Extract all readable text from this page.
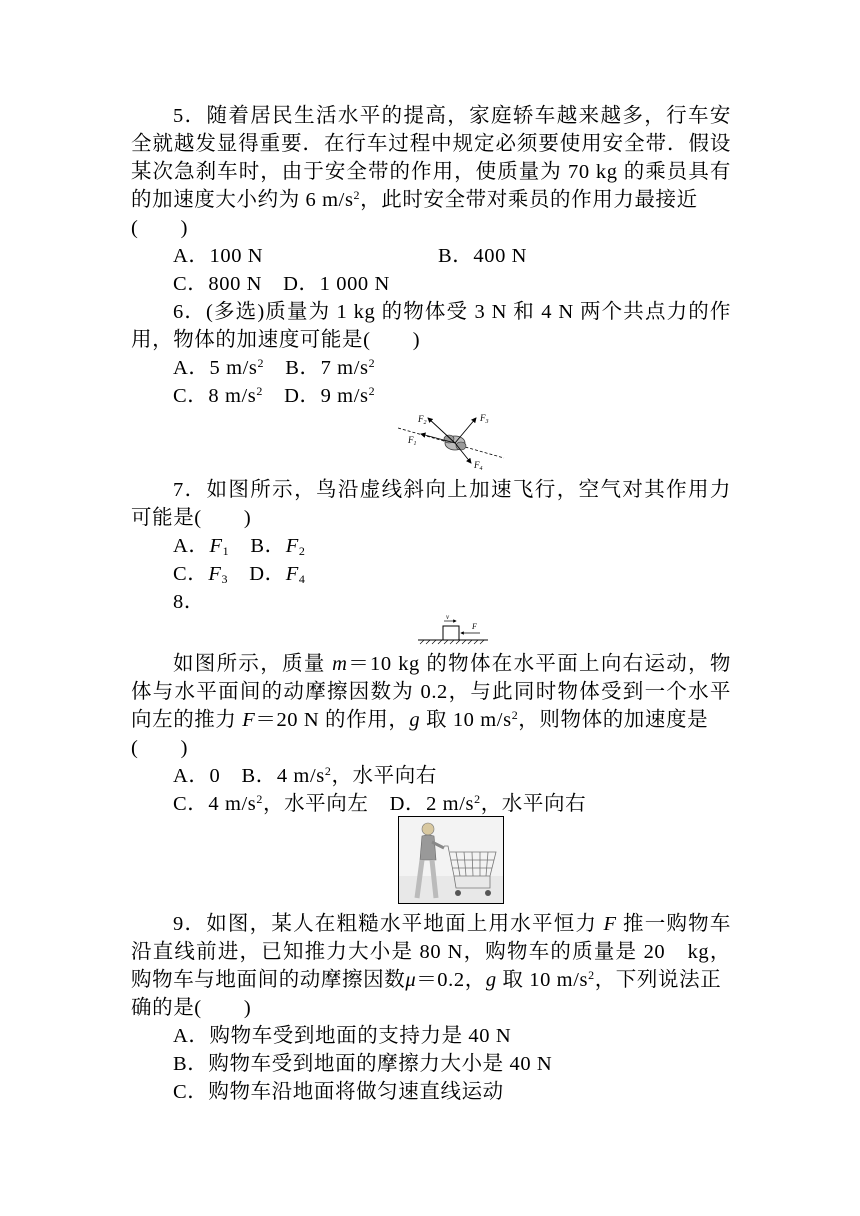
5．随着居民生活水平的提高，家庭轿车越来越多，行车安
全就越发显得重要．在行车过程中规定必须要使用安全带．假设
某次急刹车时，由于安全带的作用，使质量为 70 kg 的乘员具有
的加速度大小约为 6 $m/s^2$，此时安全带对乘员的作用力最接近
(　　)
A．100 N	B．400 N
C．800 N　D．1 000 N
6．(多选)质量为 1 kg 的物体受 3 N 和 4 N 两个共点力的作
用，物体的加速度可能是(　　)
A．5 $m/s^2$　 B．7 $m/s^2$
C．8 $m/s^2$　 D．9 $m/s^2$
$F_2$	$F_3$
$F_1$
$F_4$
7．如图所示，鸟沿虚线斜向上加速飞行，空气对其作用力
可能是(　　)
A．$F_1$　 B．$F_2$
C．$F_3$　 D．$F_4$
8．
v
F
如图所示，质量 m＝10 kg 的物体在水平面上向右运动，物
体与水平面间的动摩擦因数为 0.2，与此同时物体受到一个水平
向左的推力 F＝20 N 的作用，g 取 10 $m/s^2$，则物体的加速度是
(　　)
A．0　B．4 $m/s^2$，水平向右
C．4 $m/s^2$，水平向左　D．2 $m/s^2$，水平向右
9．如图，某人在粗糙水平地面上用水平恒力 F 推一购物车
沿直线前进，已知推力大小是 80 N，购物车的质量是 20　kg，
购物车与地面间的动摩擦因数μ＝0.2，g 取 10 $m/s^2$，下列说法正
确的是(　　)
A．购物车受到地面的支持力是 40 N
B．购物车受到地面的摩擦力大小是 40 N
C．购物车沿地面将做匀速直线运动
